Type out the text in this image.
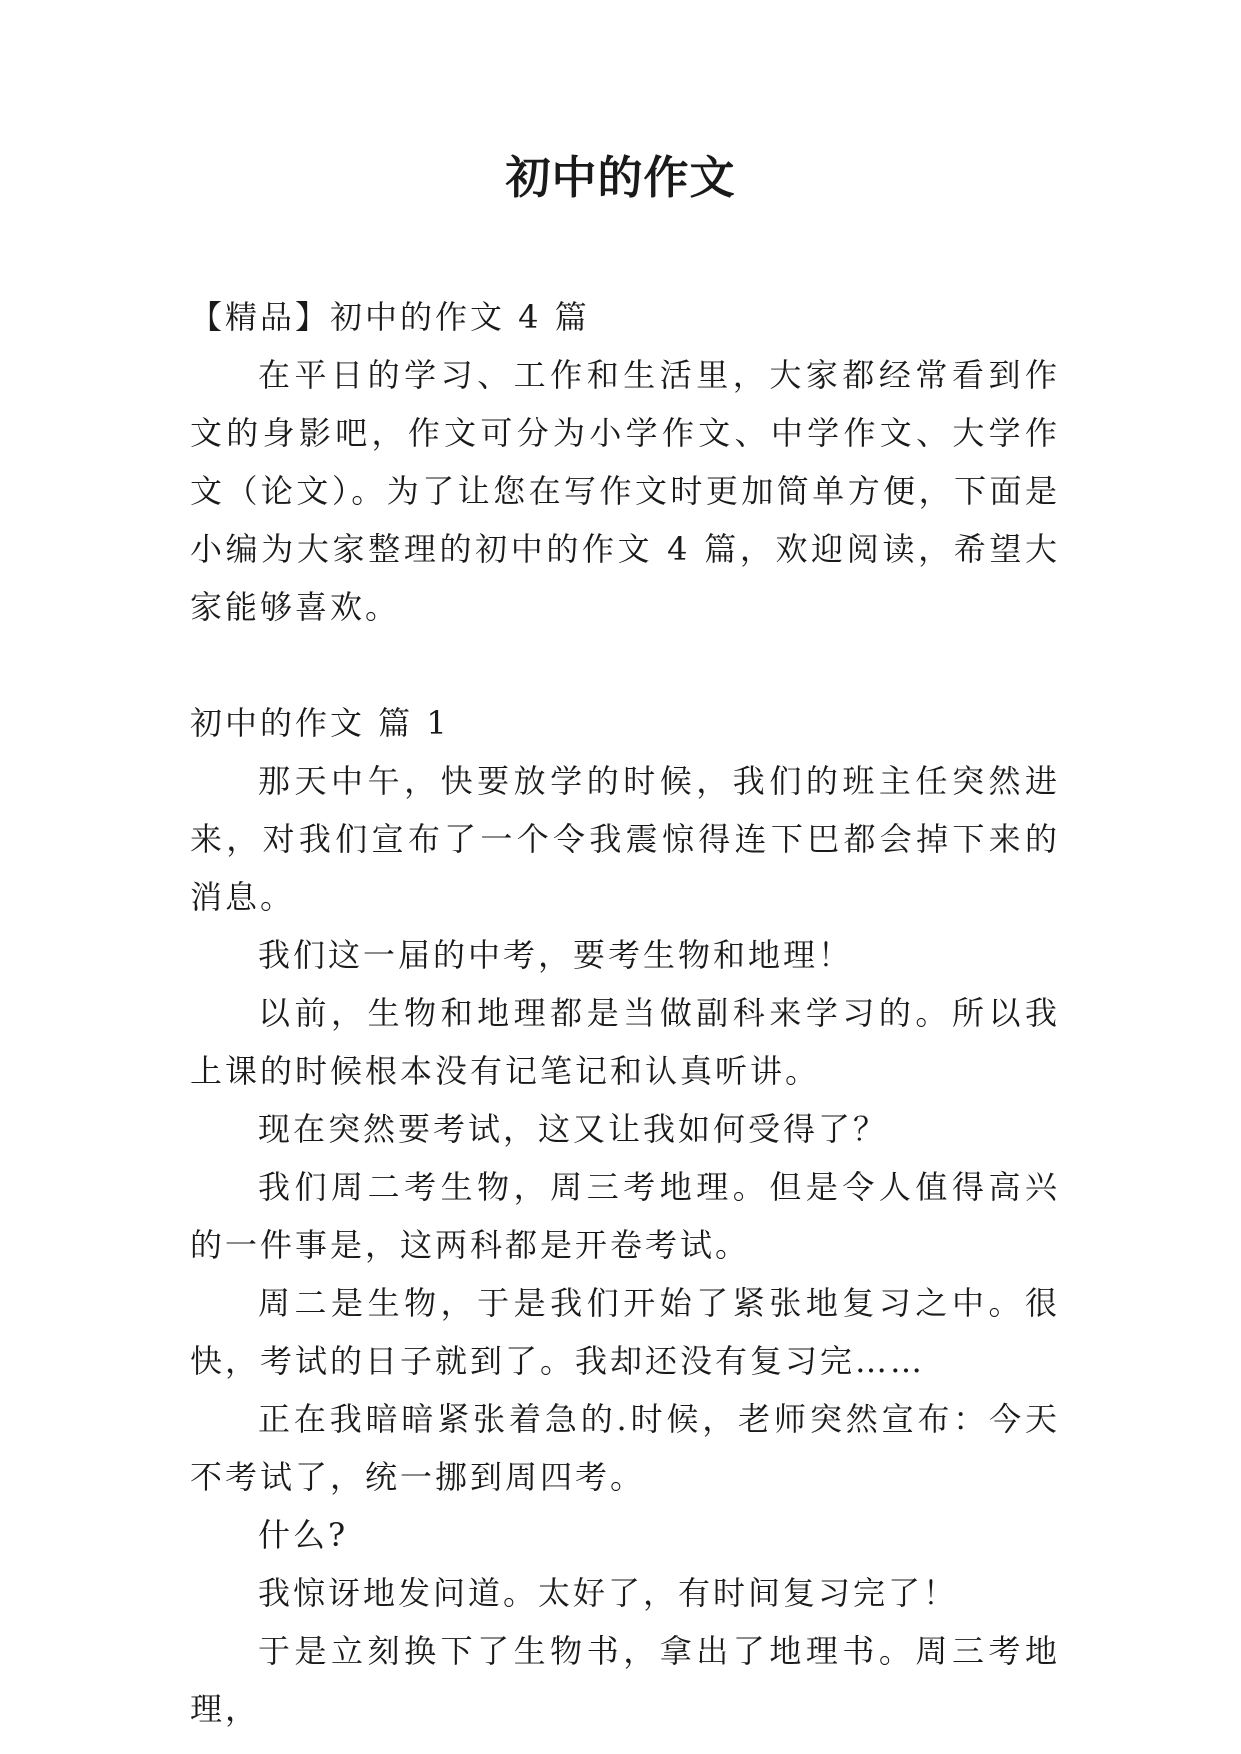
初中的作文

【精品】初中的作文 4 篇

在平日的学习、工作和生活里，大家都经常看到作文的身影吧，作文可分为小学作文、中学作文、大学作文（论文）。为了让您在写作文时更加简单方便，下面是小编为大家整理的初中的作文 4 篇，欢迎阅读，希望大家能够喜欢。

初中的作文 篇 1

那天中午，快要放学的时候，我们的班主任突然进来，对我们宣布了一个令我震惊得连下巴都会掉下来的消息。

我们这一届的中考，要考生物和地理！

以前，生物和地理都是当做副科来学习的。所以我上课的时候根本没有记笔记和认真听讲。

现在突然要考试，这又让我如何受得了？

我们周二考生物，周三考地理。但是令人值得高兴的一件事是，这两科都是开卷考试。

周二是生物，于是我们开始了紧张地复习之中。很快，考试的日子就到了。我却还没有复习完……

正在我暗暗紧张着急的.时候，老师突然宣布：今天不考试了，统一挪到周四考。

什么?

我惊讶地发问道。太好了，有时间复习完了！

于是立刻换下了生物书，拿出了地理书。周三考地理，
